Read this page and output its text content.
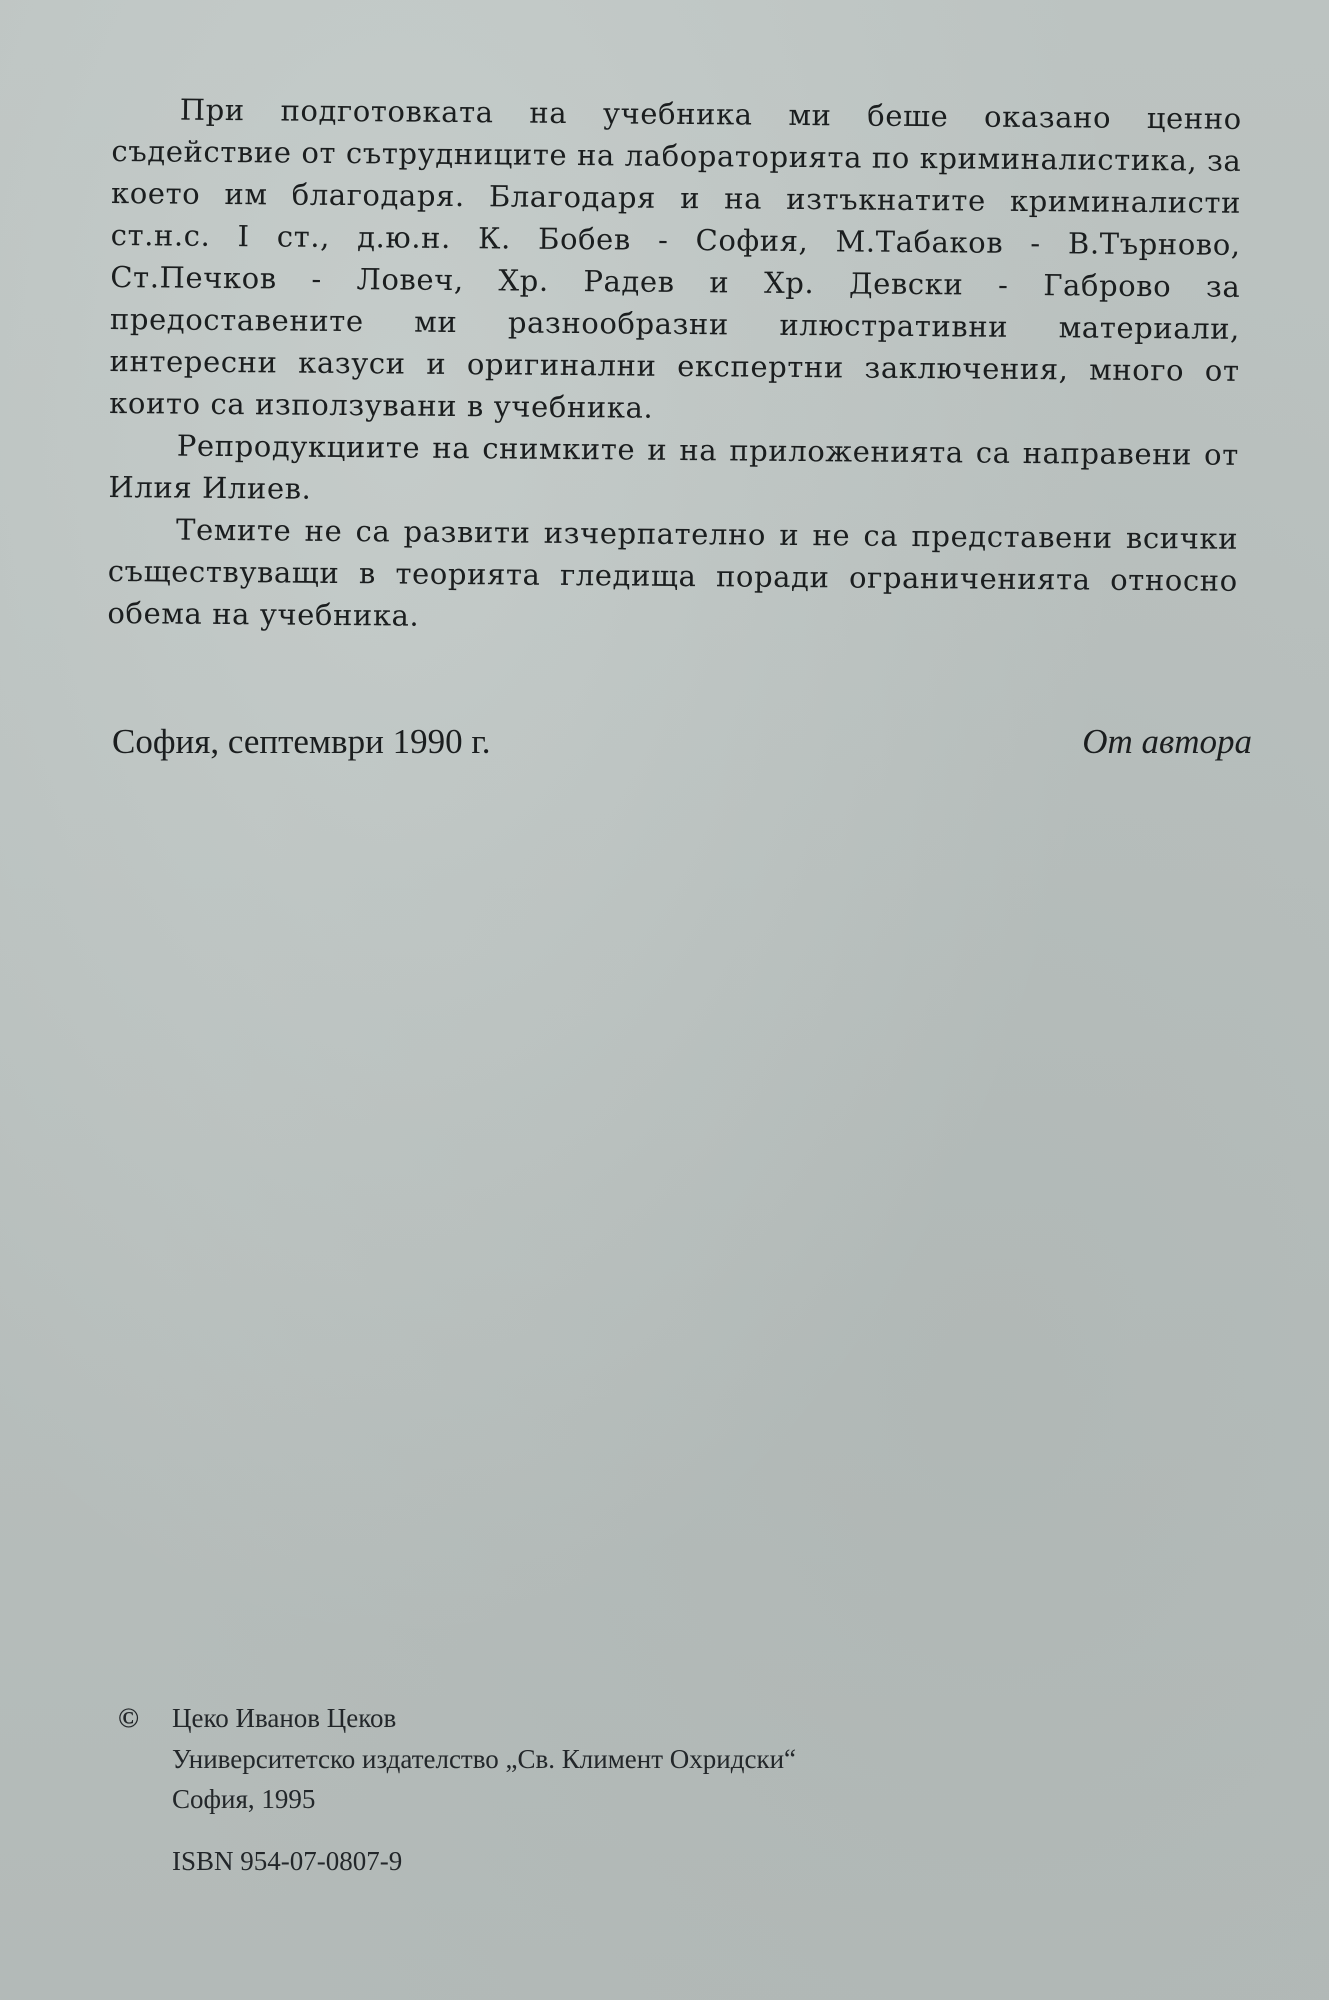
При подготовката на учебника ми беше оказано ценно съдействие от сътрудниците на лабораторията по криминалистика, за което им благодаря. Благодаря и на изтъкнатите криминалисти ст.н.с. I ст., д.ю.н. К. Бобев - София, М.Табаков - В.Търново, Ст.Печков - Ловеч, Хр. Радев и Хр. Девски - Габрово за предоставените ми разнообразни илюстративни материали, интересни казуси и оригинални експертни заключения, много от които са използувани в учебника.

Репродукциите на снимките и на приложенията са направени от Илия Илиев.

Темите не са развити изчерпателно и не са представени всички съществуващи в теорията гледища поради ограниченията относно обема на учебника.

София, септември 1990 г.	От автора
©	Цеко Иванов Цеков
Университетско издателство „Св. Климент Охридски“
София, 1995
ISBN 954-07-0807-9
